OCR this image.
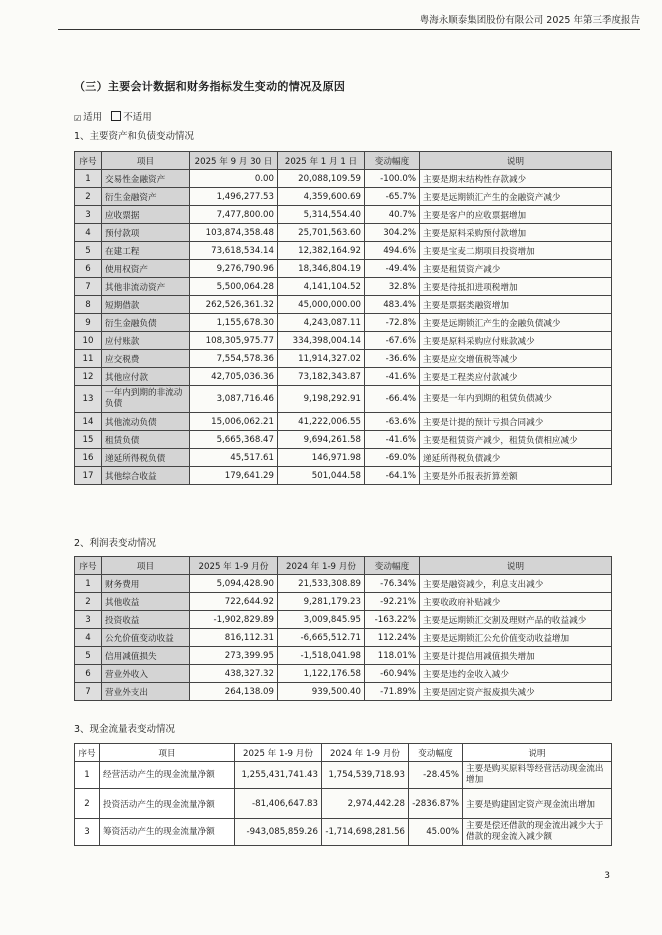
粤海永顺泰集团股份有限公司 2025 年第三季度报告
（三）主要会计数据和财务指标发生变动的情况及原因
☑ 适用 不适用
1、主要资产和负债变动情况
序号	项目	2025 年 9 月 30 日	2025 年 1 月 1 日	变动幅度	说明
1	交易性金融资产	0.00	20,088,109.59	-100.0%	主要是期末结构性存款减少
2	衍生金融资产	1,496,277.53	4,359,600.69	-65.7%	主要是远期锁汇产生的金融资产减少
3	应收票据	7,477,800.00	5,314,554.40	40.7%	主要是客户的应收票据增加
4	预付款项	103,874,358.48	25,701,563.60	304.2%	主要是原料采购预付款增加
5	在建工程	73,618,534.14	12,382,164.92	494.6%	主要是宝麦二期项目投资增加
6	使用权资产	9,276,790.96	18,346,804.19	-49.4%	主要是租赁资产减少
7	其他非流动资产	5,500,064.28	4,141,104.52	32.8%	主要是待抵扣进项税增加
8	短期借款	262,526,361.32	45,000,000.00	483.4%	主要是票据类融资增加
9	衍生金融负债	1,155,678.30	4,243,087.11	-72.8%	主要是远期锁汇产生的金融负债减少
10	应付账款	108,305,975.77	334,398,004.14	-67.6%	主要是原料采购应付账款减少
11	应交税费	7,554,578.36	11,914,327.02	-36.6%	主要是应交增值税等减少
12	其他应付款	42,705,036.36	73,182,343.87	-41.6%	主要是工程类应付款减少
13	一年内到期的非流动负债	3,087,716.46	9,198,292.91	-66.4%	主要是一年内到期的租赁负债减少
14	其他流动负债	15,006,062.21	41,222,006.55	-63.6%	主要是计提的预计亏损合同减少
15	租赁负债	5,665,368.47	9,694,261.58	-41.6%	主要是租赁资产减少，租赁负债相应减少
16	递延所得税负债	45,517.61	146,971.98	-69.0%	递延所得税负债减少
17	其他综合收益	179,641.29	501,044.58	-64.1%	主要是外币报表折算差额
2、利润表变动情况
序号	项目	2025 年 1-9 月份	2024 年 1-9 月份	变动幅度	说明
1	财务费用	5,094,428.90	21,533,308.89	-76.34%	主要是融资减少，利息支出减少
2	其他收益	722,644.92	9,281,179.23	-92.21%	主要收政府补贴减少
3	投资收益	-1,902,829.89	3,009,845.95	-163.22%	主要是远期锁汇交割及理财产品的收益减少
4	公允价值变动收益	816,112.31	-6,665,512.71	112.24%	主要是远期锁汇公允价值变动收益增加
5	信用减值损失	273,399.95	-1,518,041.98	118.01%	主要是计提信用减值损失增加
6	营业外收入	438,327.32	1,122,176.58	-60.94%	主要是违约金收入减少
7	营业外支出	264,138.09	939,500.40	-71.89%	主要是固定资产报废损失减少
3、现金流量表变动情况
序号	项目	2025 年 1-9 月份	2024 年 1-9 月份	变动幅度	说明
1	经营活动产生的现金流量净额	1,255,431,741.43	1,754,539,718.93	-28.45%	主要是购买原料等经营活动现金流出增加
2	投资活动产生的现金流量净额	-81,406,647.83	2,974,442.28	-2836.87%	主要是购建固定资产现金流出增加
3	筹资活动产生的现金流量净额	-943,085,859.26	-1,714,698,281.56	45.00%	主要是偿还借款的现金流出减少大于借款的现金流入减少额
3
